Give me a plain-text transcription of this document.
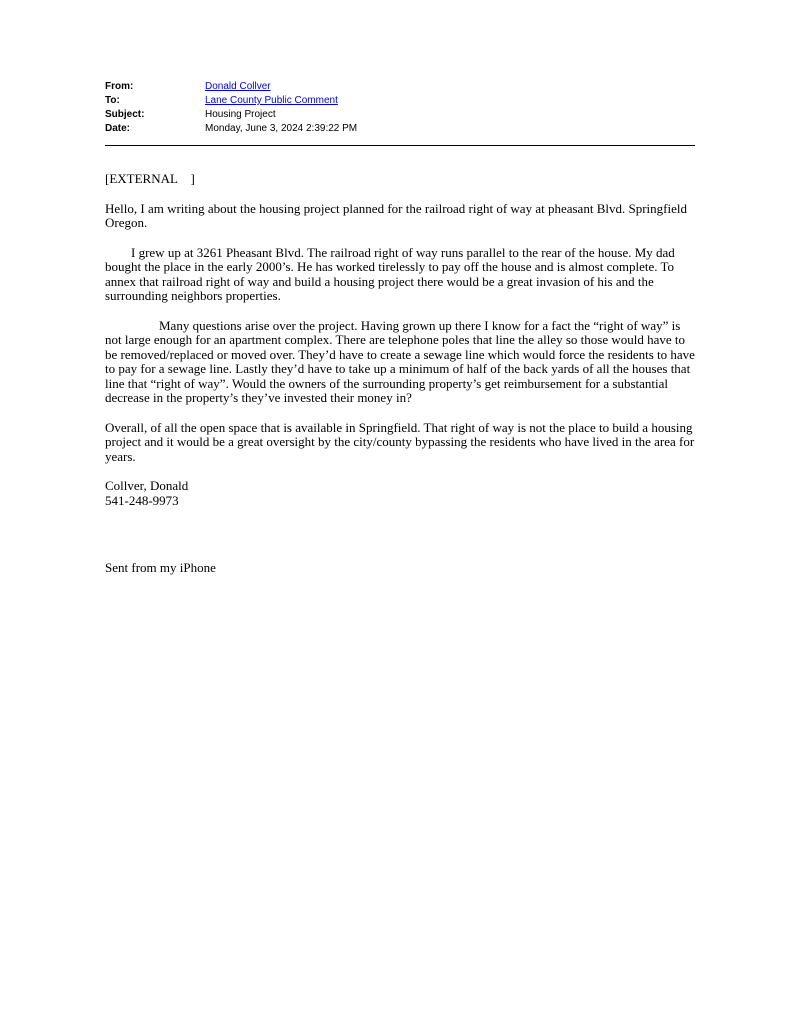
From:	Donald Collver
To:	Lane County Public Comment
Subject:	Housing Project
Date:	Monday, June 3, 2024 2:39:22 PM

[EXTERNAL    ]

Hello, I am writing about the housing project planned for the railroad right of way at pheasant Blvd. Springfield Oregon.

I grew up at 3261 Pheasant Blvd. The railroad right of way runs parallel to the rear of the house. My dad bought the place in the early 2000’s. He has worked tirelessly to pay off the house and is almost complete. To annex that railroad right of way and build a housing project there would be a great invasion of his and the surrounding neighbors properties.

Many questions arise over the project. Having grown up there I know for a fact the “right of way” is not large enough for an apartment complex. There are telephone poles that line the alley so those would have to be removed/replaced or moved over. They’d have to create a sewage line which would force the residents to have to pay for a sewage line. Lastly they’d have to take up a minimum of half of the back yards of all the houses that line that “right of way”. Would the owners of the surrounding property’s get reimbursement for a substantial decrease in the property’s they’ve invested their money in?

Overall, of all the open space that is available in Springfield. That right of way is not the place to build a housing project and it would be a great oversight by the city/county bypassing the residents who have lived in the area for years.

Collver, Donald
541-248-9973

Sent from my iPhone
